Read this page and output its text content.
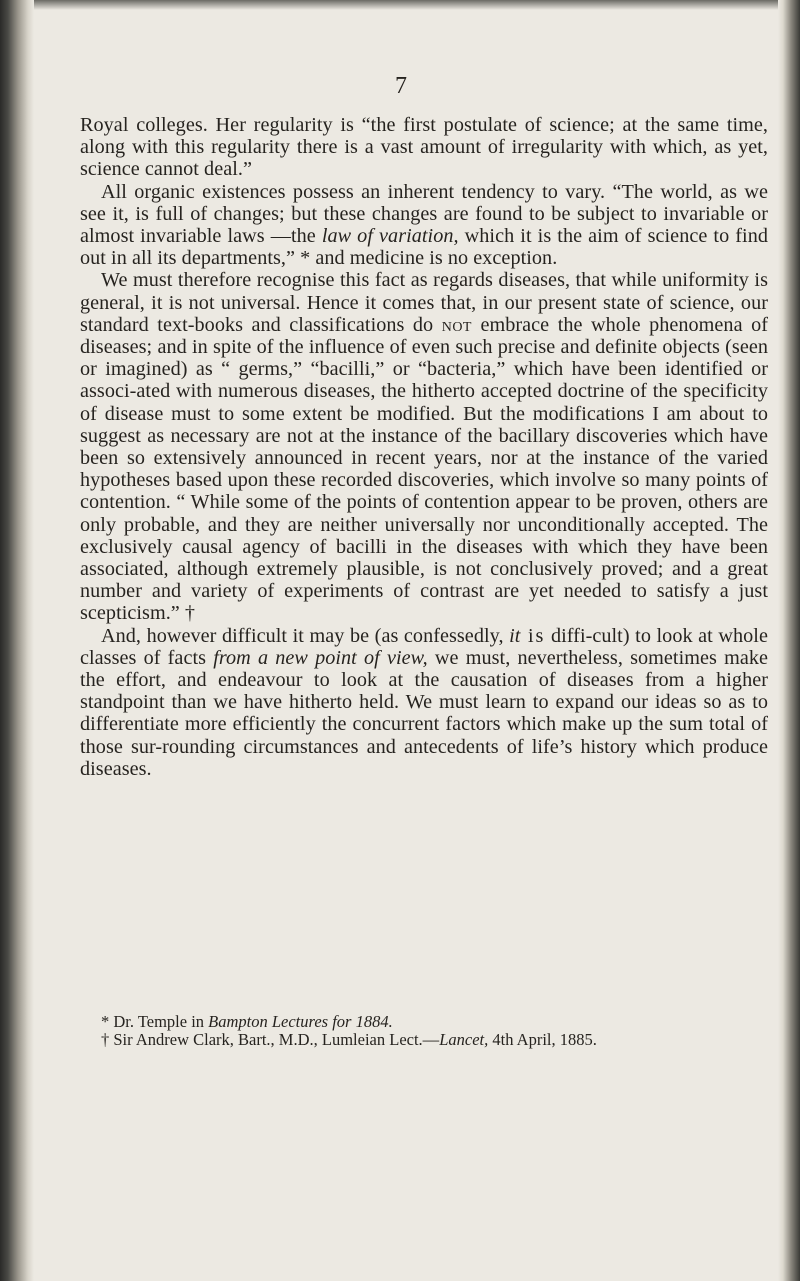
7

Royal colleges. Her regularity is “the first postulate of science; at the same time, along with this regularity there is a vast amount of irregularity with which, as yet, science cannot deal.”

All organic existences possess an inherent tendency to vary. “The world, as we see it, is full of changes; but these changes are found to be subject to invariable or almost invariable laws —the law of variation, which it is the aim of science to find out in all its departments,” * and medicine is no exception.

We must therefore recognise this fact as regards diseases, that while uniformity is general, it is not universal. Hence it comes that, in our present state of science, our standard text-books and classifications do not embrace the whole phenomena of diseases; and in spite of the influence of even such precise and definite objects (seen or imagined) as “ germs,” “bacilli,” or “bacteria,” which have been identified or associ-ated with numerous diseases, the hitherto accepted doctrine of the specificity of disease must to some extent be modified. But the modifications I am about to suggest as necessary are not at the instance of the bacillary discoveries which have been so extensively announced in recent years, nor at the instance of the varied hypotheses based upon these recorded discoveries, which involve so many points of contention. “ While some of the points of contention appear to be proven, others are only probable, and they are neither universally nor unconditionally accepted. The exclusively causal agency of bacilli in the diseases with which they have been associated, although extremely plausible, is not conclusively proved; and a great number and variety of experiments of contrast are yet needed to satisfy a just scepticism.” †

And, however difficult it may be (as confessedly, it is diffi-cult) to look at whole classes of facts from a new point of view, we must, nevertheless, sometimes make the effort, and endeavour to look at the causation of diseases from a higher standpoint than we have hitherto held. We must learn to expand our ideas so as to differentiate more efficiently the concurrent factors which make up the sum total of those sur-rounding circumstances and antecedents of life’s history which produce diseases.

* Dr. Temple in Bampton Lectures for 1884.

† Sir Andrew Clark, Bart., M.D., Lumleian Lect.—Lancet, 4th April, 1885.
